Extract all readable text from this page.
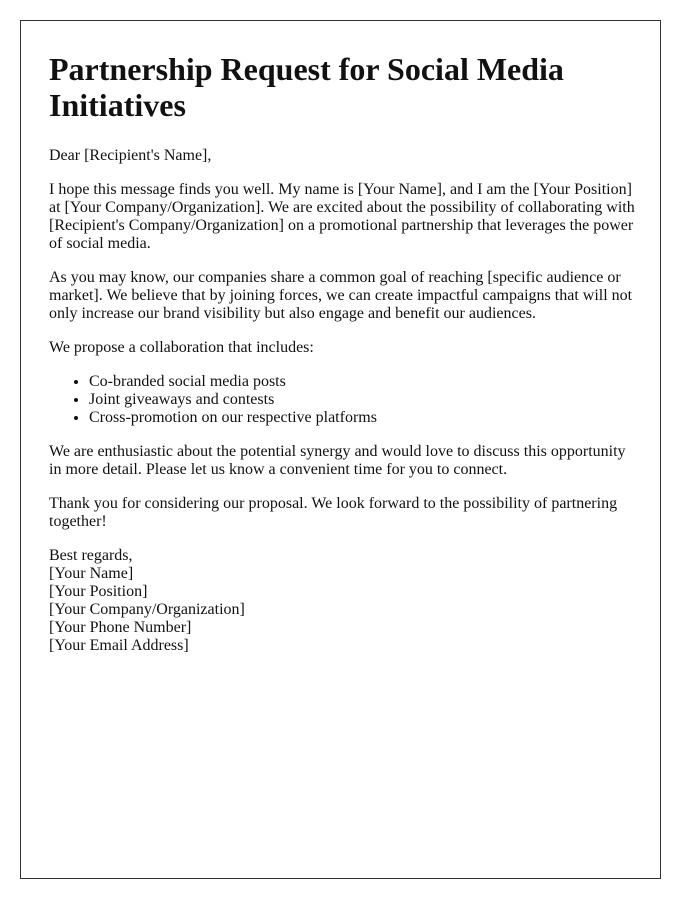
Partnership Request for Social Media Initiatives

Dear [Recipient's Name],

I hope this message finds you well. My name is [Your Name], and I am the [Your Position] at [Your Company/Organization]. We are excited about the possibility of collaborating with [Recipient's Company/Organization] on a promotional partnership that leverages the power of social media.

As you may know, our companies share a common goal of reaching [specific audience or market]. We believe that by joining forces, we can create impactful campaigns that will not only increase our brand visibility but also engage and benefit our audiences.

We propose a collaboration that includes:

• Co-branded social media posts
• Joint giveaways and contests
• Cross-promotion on our respective platforms

We are enthusiastic about the potential synergy and would love to discuss this opportunity in more detail. Please let us know a convenient time for you to connect.

Thank you for considering our proposal. We look forward to the possibility of partnering together!

Best regards,
[Your Name]
[Your Position]
[Your Company/Organization]
[Your Phone Number]
[Your Email Address]
